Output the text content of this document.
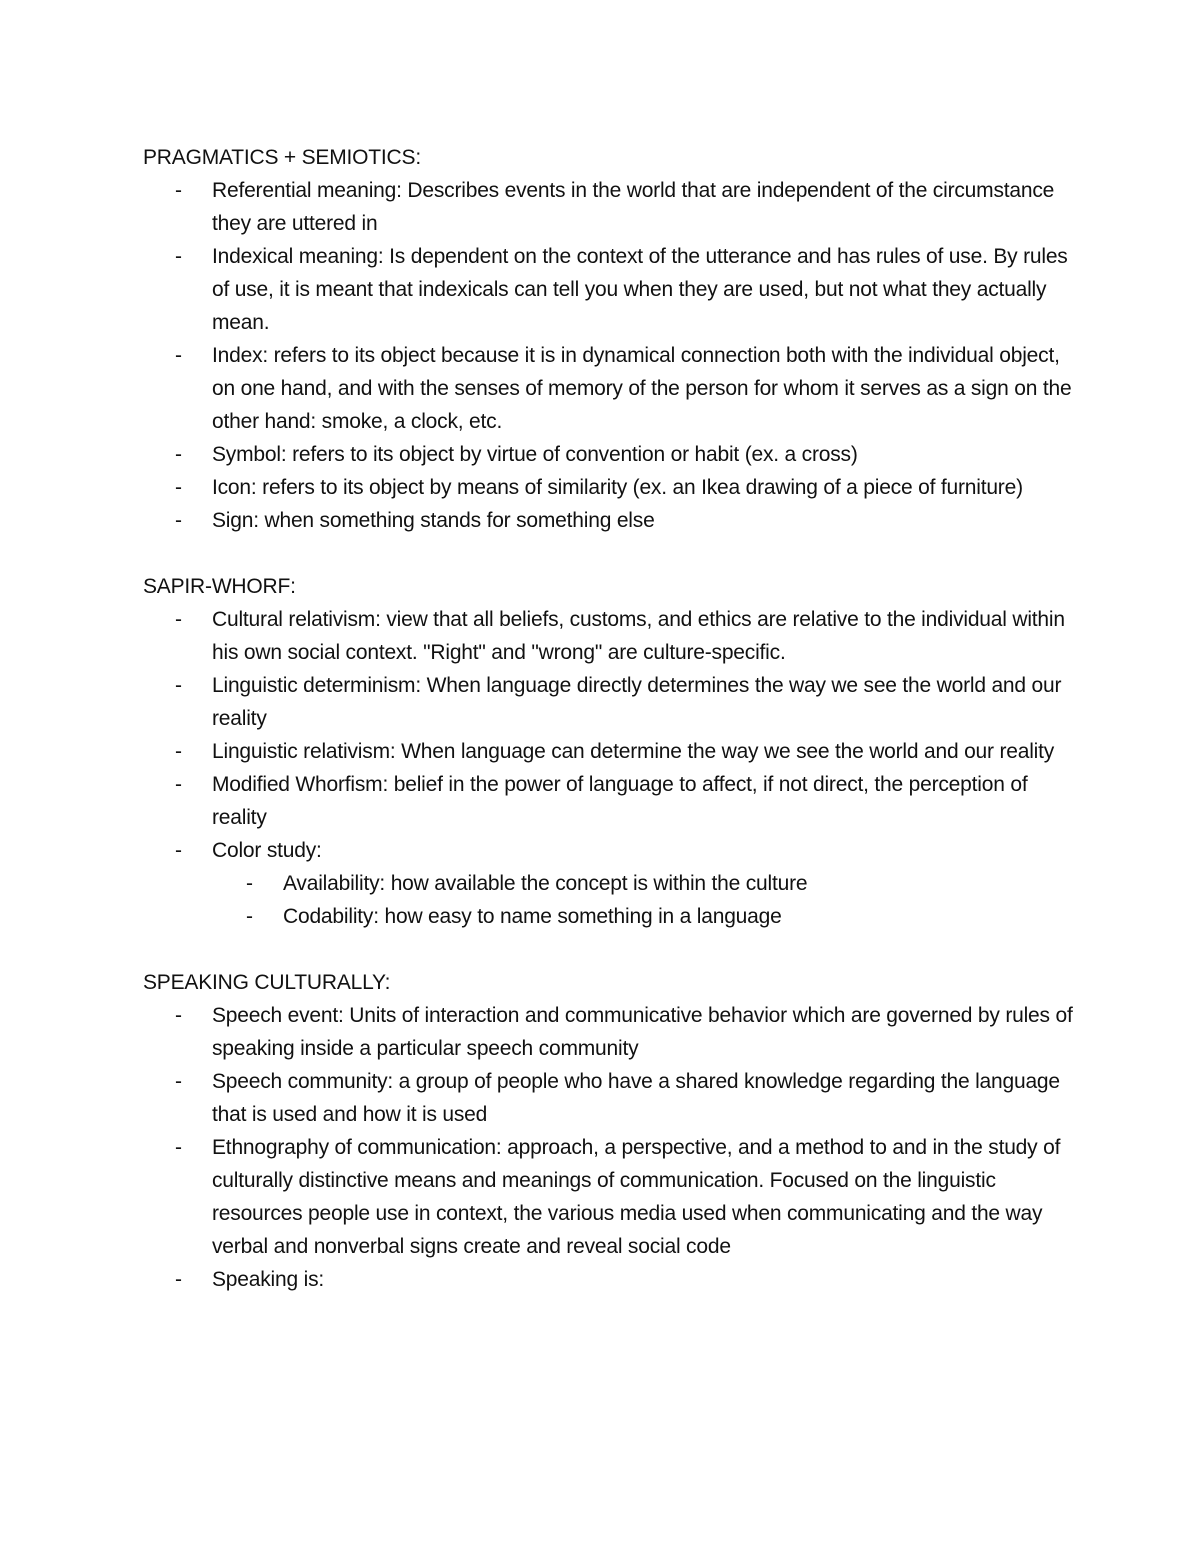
PRAGMATICS + SEMIOTICS:
- Referential meaning: Describes events in the world that are independent of the circumstance they are uttered in
- Indexical meaning: Is dependent on the context of the utterance and has rules of use. By rules of use, it is meant that indexicals can tell you when they are used, but not what they actually mean.
- Index: refers to its object because it is in dynamical connection both with the individual object, on one hand, and with the senses of memory of the person for whom it serves as a sign on the other hand: smoke, a clock, etc.
- Symbol: refers to its object by virtue of convention or habit (ex. a cross)
- Icon: refers to its object by means of similarity (ex. an Ikea drawing of a piece of furniture)
- Sign: when something stands for something else
SAPIR-WHORF:
- Cultural relativism: view that all beliefs, customs, and ethics are relative to the individual within his own social context. "Right" and "wrong" are culture-specific.
- Linguistic determinism: When language directly determines the way we see the world and our reality
- Linguistic relativism: When language can determine the way we see the world and our reality
- Modified Whorfism: belief in the power of language to affect, if not direct, the perception of reality
- Color study:
- Availability: how available the concept is within the culture
- Codability: how easy to name something in a language
SPEAKING CULTURALLY:
- Speech event: Units of interaction and communicative behavior which are governed by rules of speaking inside a particular speech community
- Speech community: a group of people who have a shared knowledge regarding the language that is used and how it is used
- Ethnography of communication: approach, a perspective, and a method to and in the study of culturally distinctive means and meanings of communication. Focused on the linguistic resources people use in context, the various media used when communicating and the way verbal and nonverbal signs create and reveal social code
- Speaking is:
